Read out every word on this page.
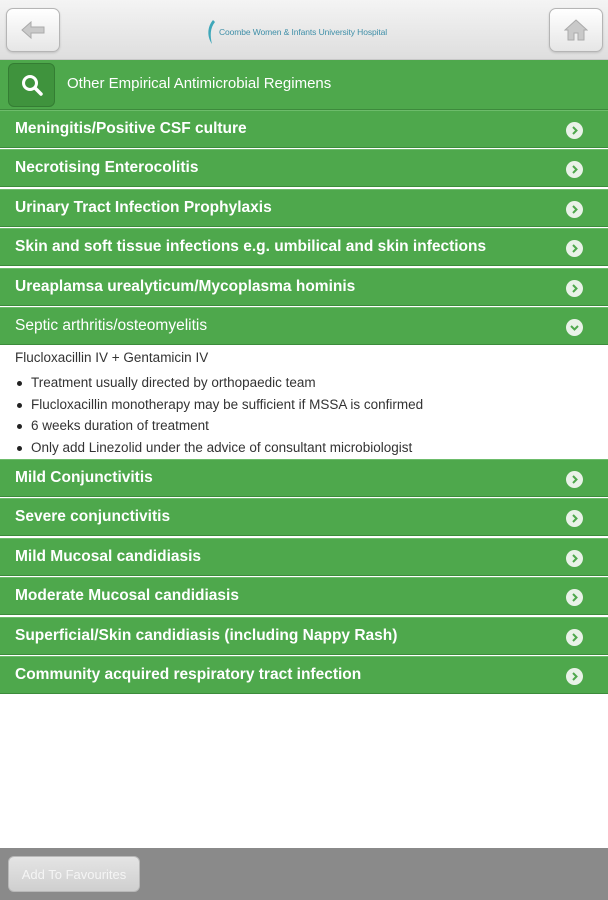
Coombe Women & Infants University Hospital
Other Empirical Antimicrobial Regimens
Meningitis/Positive CSF culture
Necrotising Enterocolitis
Urinary Tract Infection Prophylaxis
Skin and soft tissue infections e.g. umbilical and skin infections
Ureaplamsa urealyticum/Mycoplasma hominis
Septic arthritis/osteomyelitis
Flucloxacillin IV + Gentamicin IV
Treatment usually directed by orthopaedic team
Flucloxacillin monotherapy may be sufficient if MSSA is confirmed
6 weeks duration of treatment
Only add Linezolid under the advice of consultant microbiologist
Mild Conjunctivitis
Severe conjunctivitis
Mild Mucosal candidiasis
Moderate Mucosal candidiasis
Superficial/Skin candidiasis (including Nappy Rash)
Community acquired respiratory tract infection
Add To Favourites
